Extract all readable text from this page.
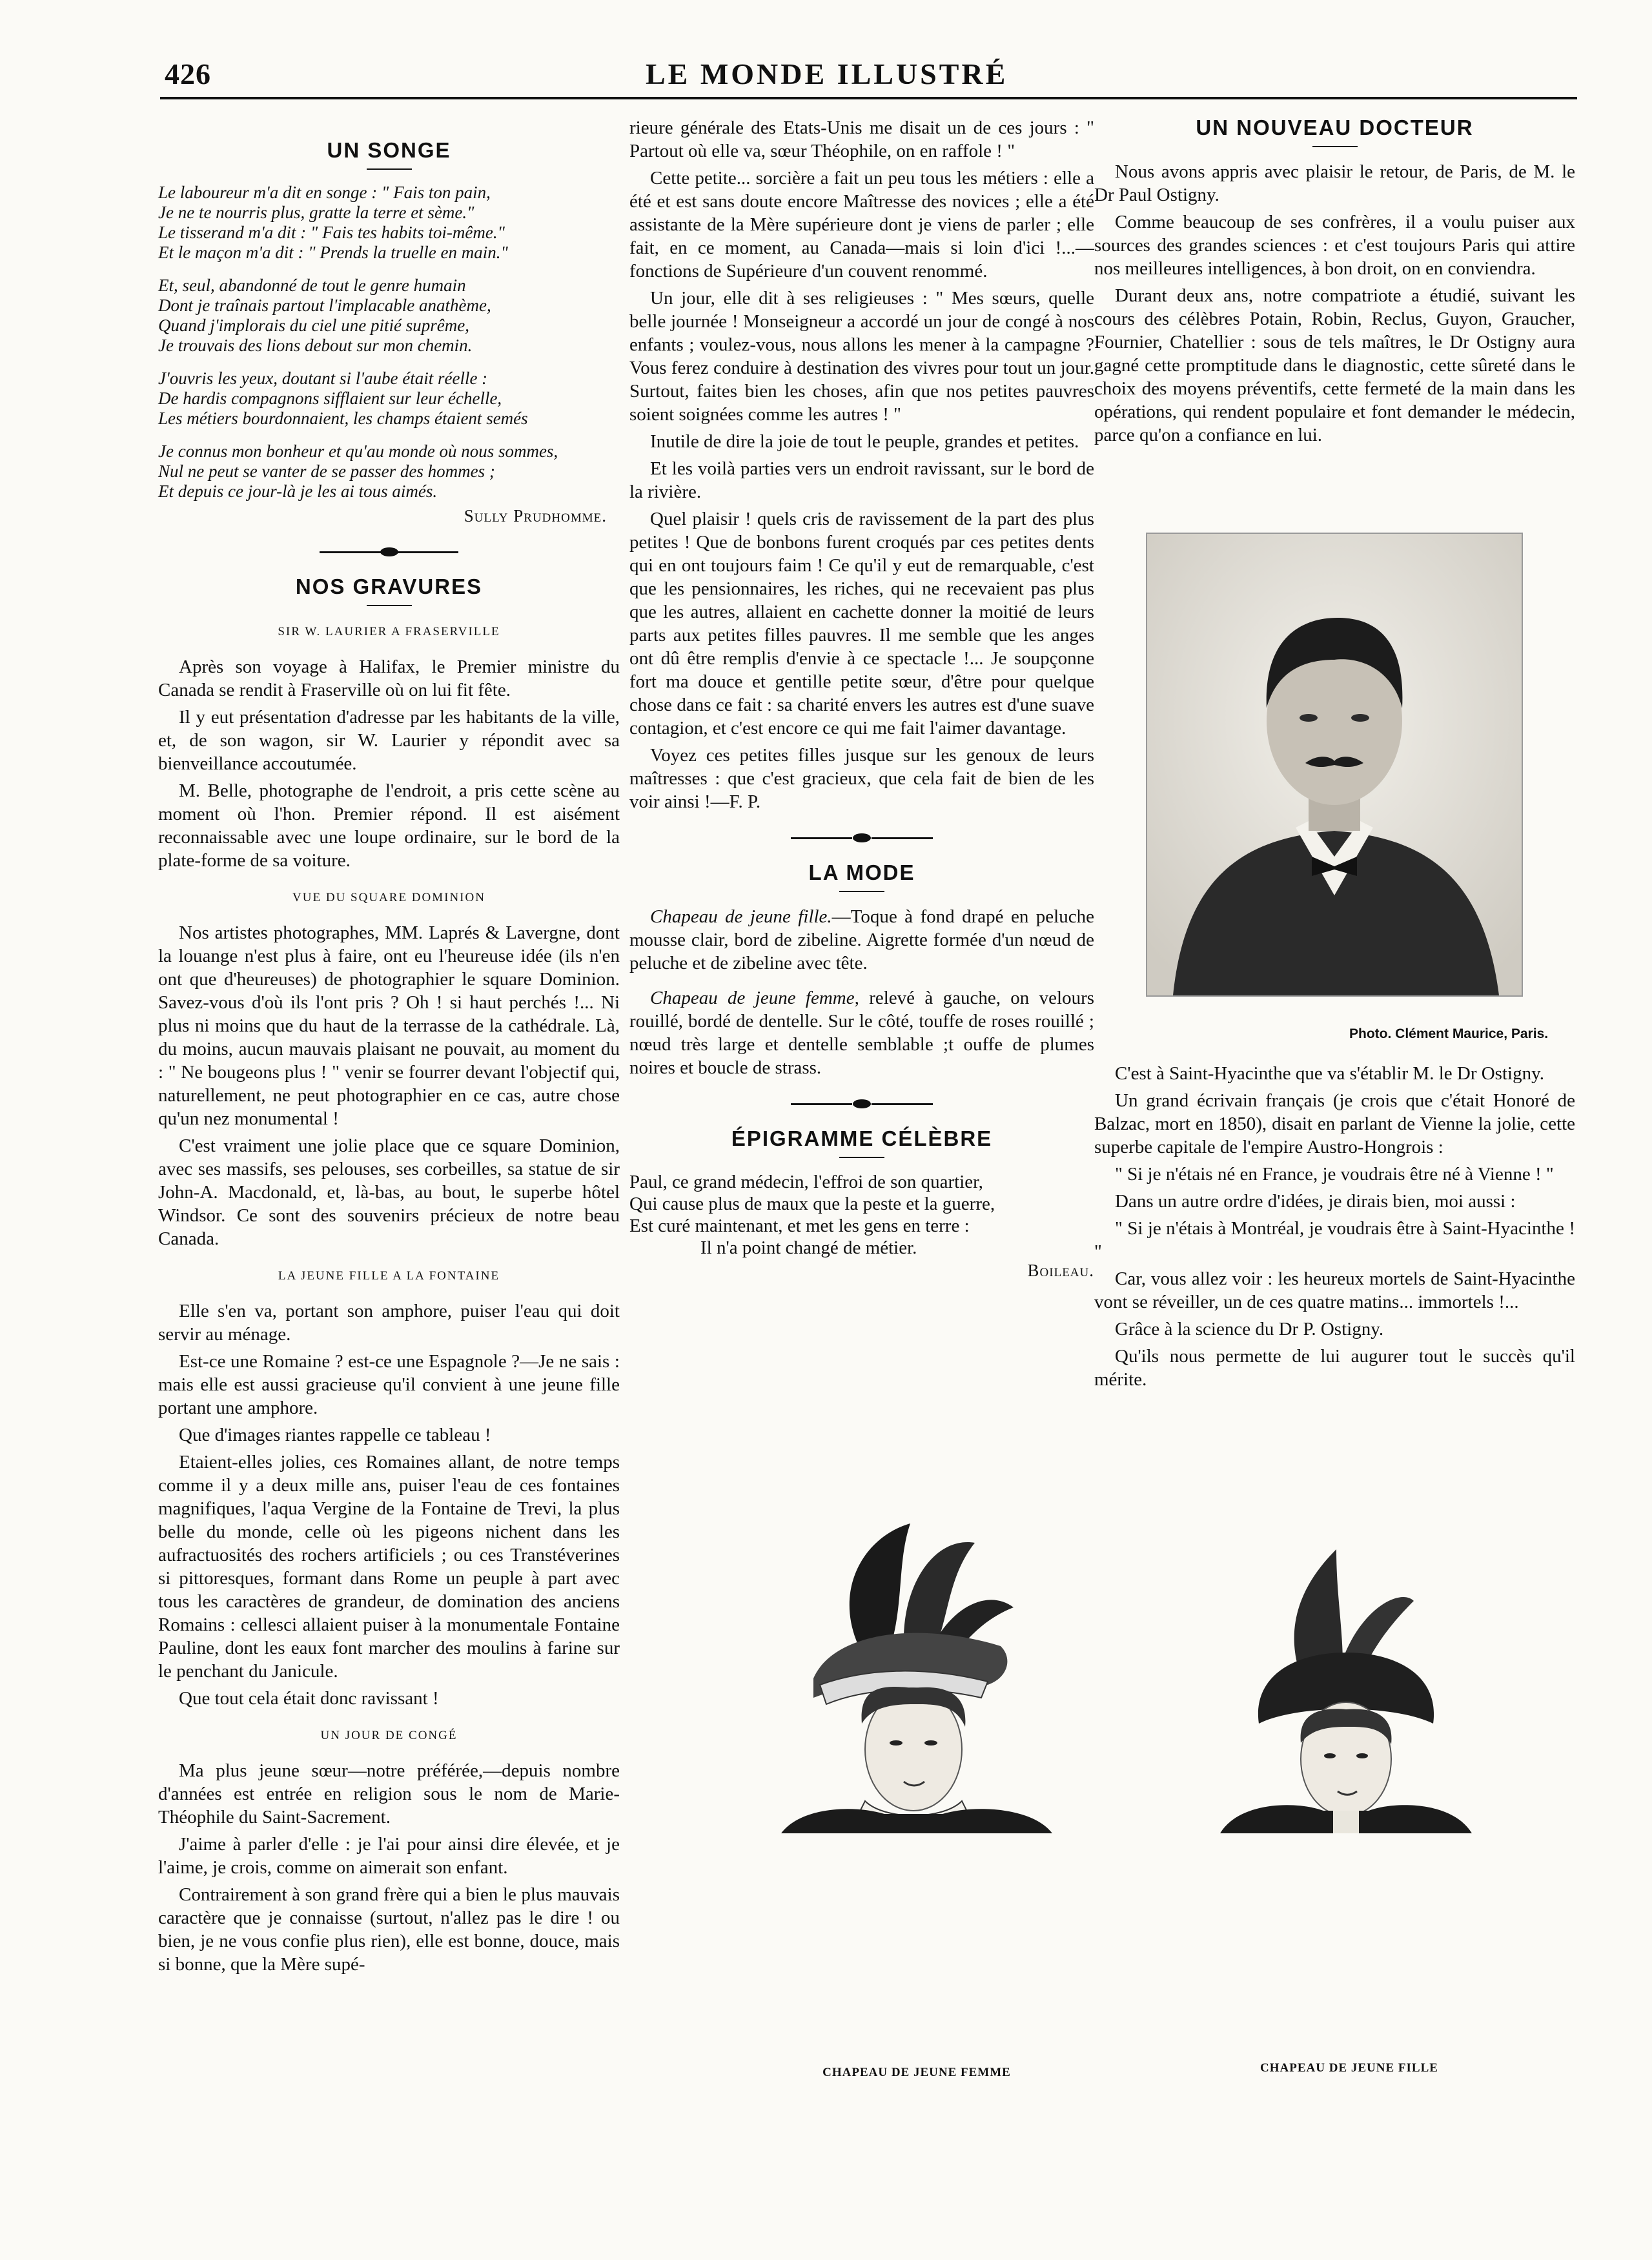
426	LE MONDE ILLUSTRÉ
UN SONGE
Le laboureur m'a dit en songe : " Fais ton pain,
Je ne te nourris plus, gratte la terre et sème."
Le tisserand m'a dit : " Fais tes habits toi-même."
Et le maçon m'a dit : " Prends la truelle en main."
Et, seul, abandonné de tout le genre humain
Dont je traînais partout l'implacable anathème,
Quand j'implorais du ciel une pitié suprême,
Je trouvais des lions debout sur mon chemin.
J'ouvris les yeux, doutant si l'aube était réelle :
De hardis compagnons sifflaient sur leur échelle,
Les métiers bourdonnaient, les champs étaient semés
Je connus mon bonheur et qu'au monde où nous sommes,
Nul ne peut se vanter de se passer des hommes ;
Et depuis ce jour-là je les ai tous aimés.
Sully Prudhomme.
NOS GRAVURES
SIR W. LAURIER A FRASERVILLE

Après son voyage à Halifax, le Premier ministre du Canada se rendit à Fraserville où on lui fit fête.

Il y eut présentation d'adresse par les habitants de la ville, et, de son wagon, sir W. Laurier y répondit avec sa bienveillance accoutumée.

M. Belle, photographe de l'endroit, a pris cette scène au moment où l'hon. Premier répond. Il est aisément reconnaissable avec une loupe ordinaire, sur le bord de la plate-forme de sa voiture.

VUE DU SQUARE DOMINION

Nos artistes photographes, MM. Laprés & Lavergne, dont la louange n'est plus à faire, ont eu l'heureuse idée (ils n'en ont que d'heureuses) de photographier le square Dominion. Savez-vous d'où ils l'ont pris ? Oh ! si haut perchés !... Ni plus ni moins que du haut de la terrasse de la cathédrale. Là, du moins, aucun mauvais plaisant ne pouvait, au moment du : " Ne bougeons plus ! " venir se fourrer devant l'objectif qui, naturellement, ne peut photographier en ce cas, autre chose qu'un nez monumental !

C'est vraiment une jolie place que ce square Dominion, avec ses massifs, ses pelouses, ses corbeilles, sa statue de sir John-A. Macdonald, et, là-bas, au bout, le superbe hôtel Windsor. Ce sont des souvenirs précieux de notre beau Canada.

LA JEUNE FILLE A LA FONTAINE

Elle s'en va, portant son amphore, puiser l'eau qui doit servir au ménage.

Est-ce une Romaine ? est-ce une Espagnole ?—Je ne sais : mais elle est aussi gracieuse qu'il convient à une jeune fille portant une amphore.

Que d'images riantes rappelle ce tableau !

Etaient-elles jolies, ces Romaines allant, de notre temps comme il y a deux mille ans, puiser l'eau de ces fontaines magnifiques, l'aqua Vergine de la Fontaine de Trevi, la plus belle du monde, celle où les pigeons nichent dans les aufractuosités des rochers artificiels ; ou ces Transtéverines si pittoresques, formant dans Rome un peuple à part avec tous les caractères de grandeur, de domination des anciens Romains : cellesci allaient puiser à la monumentale Fontaine Pauline, dont les eaux font marcher des moulins à farine sur le penchant du Janicule.

Que tout cela était donc ravissant !

UN JOUR DE CONGÉ

Ma plus jeune sœur—notre préférée,—depuis nombre d'années est entrée en religion sous le nom de Marie-Théophile du Saint-Sacrement.

J'aime à parler d'elle : je l'ai pour ainsi dire élevée, et je l'aime, je crois, comme on aimerait son enfant.

Contrairement à son grand frère qui a bien le plus mauvais caractère que je connaisse (surtout, n'allez pas le dire ! ou bien, je ne vous confie plus rien), elle est bonne, douce, mais si bonne, que la Mère supé-

rieure générale des Etats-Unis me disait un de ces jours : " Partout où elle va, sœur Théophile, on en raffole ! "

Cette petite... sorcière a fait un peu tous les métiers : elle a été et est sans doute encore Maîtresse des novices ; elle a été assistante de la Mère supérieure dont je viens de parler ; elle fait, en ce moment, au Canada—mais si loin d'ici !...—fonctions de Supérieure d'un couvent renommé.

Un jour, elle dit à ses religieuses : " Mes sœurs, quelle belle journée ! Monseigneur a accordé un jour de congé à nos enfants ; voulez-vous, nous allons les mener à la campagne ? Vous ferez conduire à destination des vivres pour tout un jour. Surtout, faites bien les choses, afin que nos petites pauvres soient soignées comme les autres ! "

Inutile de dire la joie de tout le peuple, grandes et petites.

Et les voilà parties vers un endroit ravissant, sur le bord de la rivière.

Quel plaisir ! quels cris de ravissement de la part des plus petites ! Que de bonbons furent croqués par ces petites dents qui en ont toujours faim ! Ce qu'il y eut de remarquable, c'est que les pensionnaires, les riches, qui ne recevaient pas plus que les autres, allaient en cachette donner la moitié de leurs parts aux petites filles pauvres. Il me semble que les anges ont dû être remplis d'envie à ce spectacle !... Je soupçonne fort ma douce et gentille petite sœur, d'être pour quelque chose dans ce fait : sa charité envers les autres est d'une suave contagion, et c'est encore ce qui me fait l'aimer davantage.

Voyez ces petites filles jusque sur les genoux de leurs maîtresses : que c'est gracieux, que cela fait de bien de les voir ainsi !—F. P.

LA MODE

Chapeau de jeune fille.—Toque à fond drapé en peluche mousse clair, bord de zibeline. Aigrette formée d'un nœud de peluche et de zibeline avec tête.

Chapeau de jeune femme, relevé à gauche, on velours rouillé, bordé de dentelle. Sur le côté, touffe de roses rouillé ; nœud très large et dentelle semblable ;t ouffe de plumes noires et boucle de strass.

ÉPIGRAMME CÉLÈBRE
Paul, ce grand médecin, l'effroi de son quartier,
Qui cause plus de maux que la peste et la guerre,
Est curé maintenant, et met les gens en terre :
Il n'a point changé de métier.
Boileau.
UN NOUVEAU DOCTEUR

Nous avons appris avec plaisir le retour, de Paris, de M. le Dr Paul Ostigny.

Comme beaucoup de ses confrères, il a voulu puiser aux sources des grandes sciences : et c'est toujours Paris qui attire nos meilleures intelligences, à bon droit, on en conviendra.

Durant deux ans, notre compatriote a étudié, suivant les cours des célèbres Potain, Robin, Reclus, Guyon, Graucher, Fournier, Chatellier : sous de tels maîtres, le Dr Ostigny aura gagné cette promptitude dans le diagnostic, cette sûreté dans le choix des moyens préventifs, cette fermeté de la main dans les opérations, qui rendent populaire et font demander le médecin, parce qu'on a confiance en lui.

Photo. Clément Maurice, Paris.

C'est à Saint-Hyacinthe que va s'établir M. le Dr Ostigny.

Un grand écrivain français (je crois que c'était Honoré de Balzac, mort en 1850), disait en parlant de Vienne la jolie, cette superbe capitale de l'empire Austro-Hongrois :

" Si je n'étais né en France, je voudrais être né à Vienne ! "

Dans un autre ordre d'idées, je dirais bien, moi aussi :

" Si je n'étais à Montréal, je voudrais être à Saint-Hyacinthe ! "

Car, vous allez voir : les heureux mortels de Saint-Hyacinthe vont se réveiller, un de ces quatre matins... immortels !...

Grâce à la science du Dr P. Ostigny.

Qu'ils nous permette de lui augurer tout le succès qu'il mérite.

CHAPEAU DE JEUNE FEMME	CHAPEAU DE JEUNE FILLE
